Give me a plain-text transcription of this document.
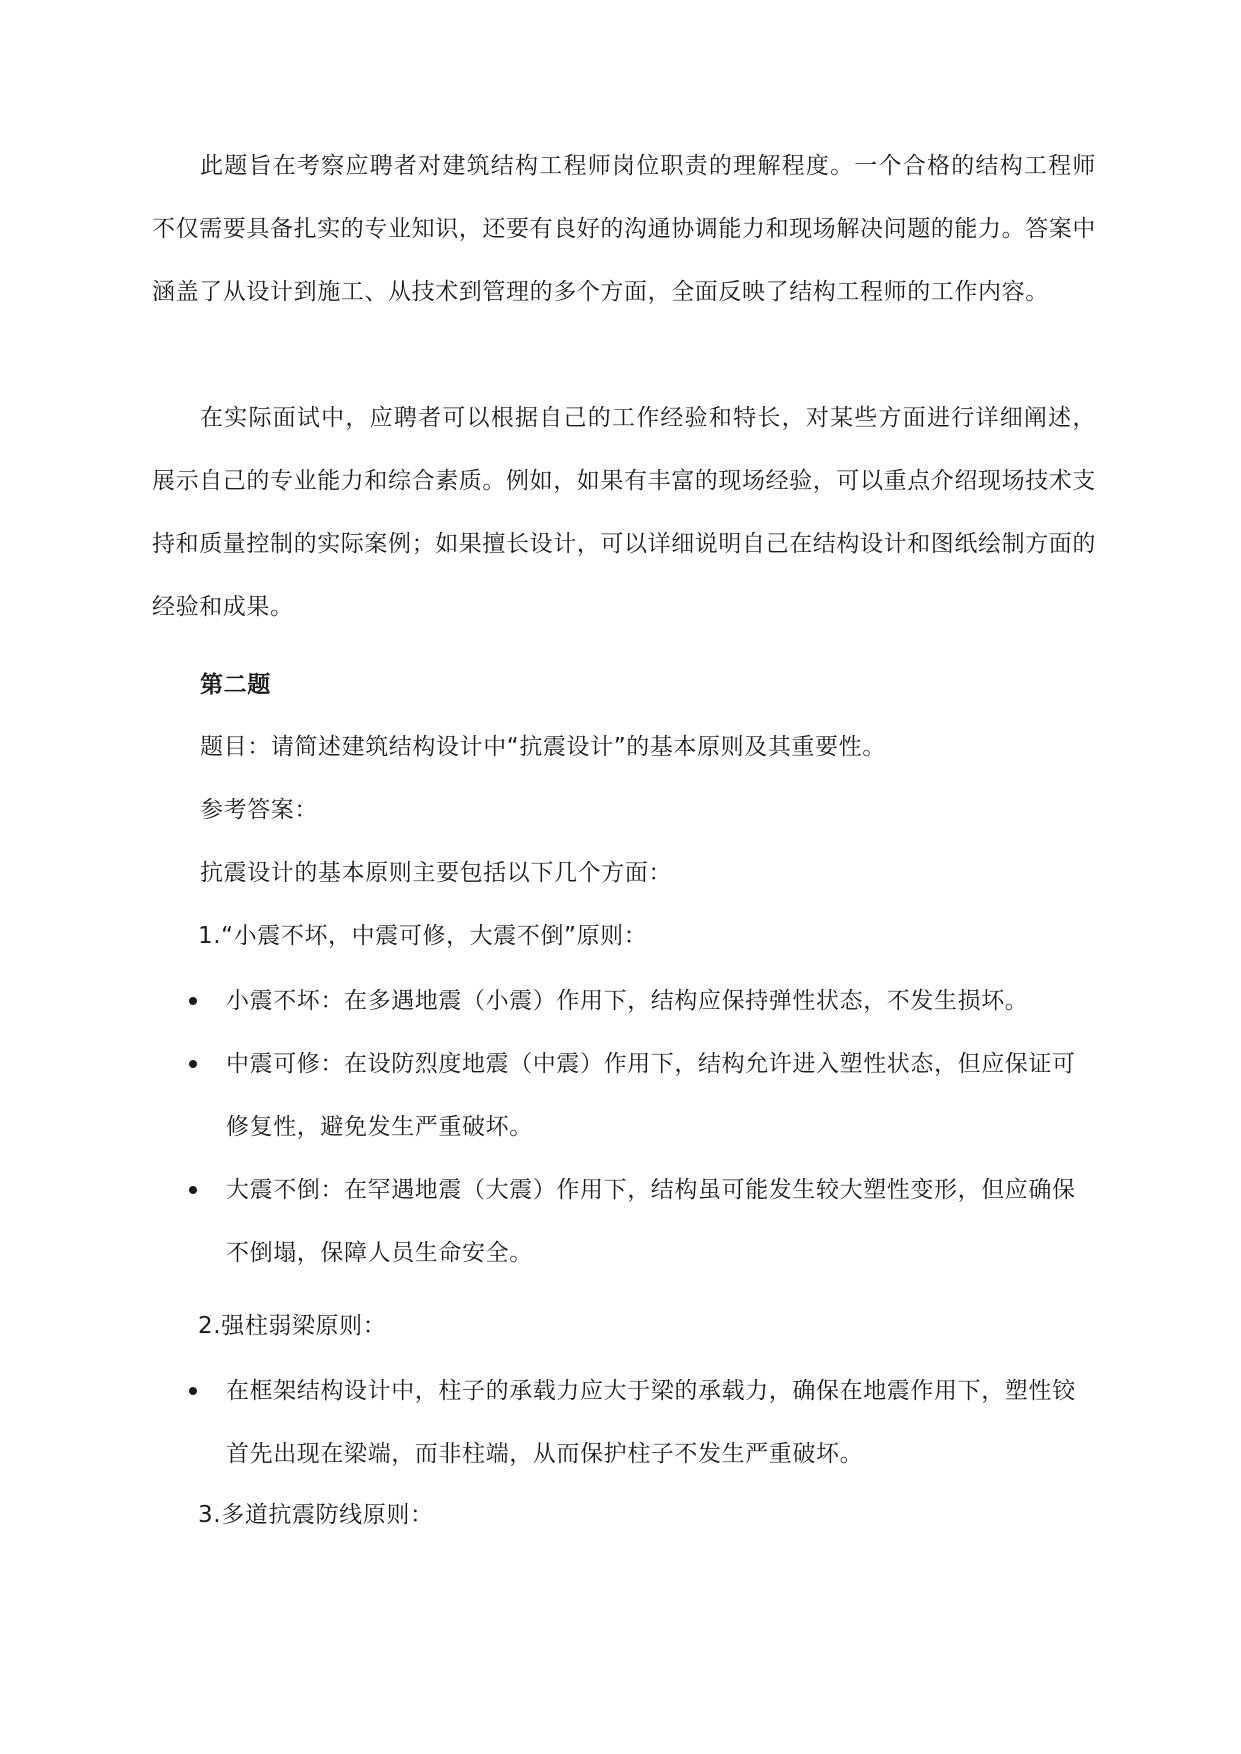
此题旨在考察应聘者对建筑结构工程师岗位职责的理解程度。一个合格的结构工程师不仅需要具备扎实的专业知识，还要有良好的沟通协调能力和现场解决问题的能力。答案中涵盖了从设计到施工、从技术到管理的多个方面，全面反映了结构工程师的工作内容。

在实际面试中，应聘者可以根据自己的工作经验和特长，对某些方面进行详细阐述，展示自己的专业能力和综合素质。例如，如果有丰富的现场经验，可以重点介绍现场技术支持和质量控制的实际案例；如果擅长设计，可以详细说明自己在结构设计和图纸绘制方面的经验和成果。

第二题

题目：请简述建筑结构设计中“抗震设计”的基本原则及其重要性。

参考答案：

抗震设计的基本原则主要包括以下几个方面：

1.“小震不坏，中震可修，大震不倒”原则：

小震不坏：在多遇地震（小震）作用下，结构应保持弹性状态，不发生损坏。
中震可修：在设防烈度地震（中震）作用下，结构允许进入塑性状态，但应保证可修复性，避免发生严重破坏。
大震不倒：在罕遇地震（大震）作用下，结构虽可能发生较大塑性变形，但应确保不倒塌，保障人员生命安全。

2.强柱弱梁原则：

在框架结构设计中，柱子的承载力应大于梁的承载力，确保在地震作用下，塑性铰首先出现在梁端，而非柱端，从而保护柱子不发生严重破坏。

3.多道抗震防线原则：
